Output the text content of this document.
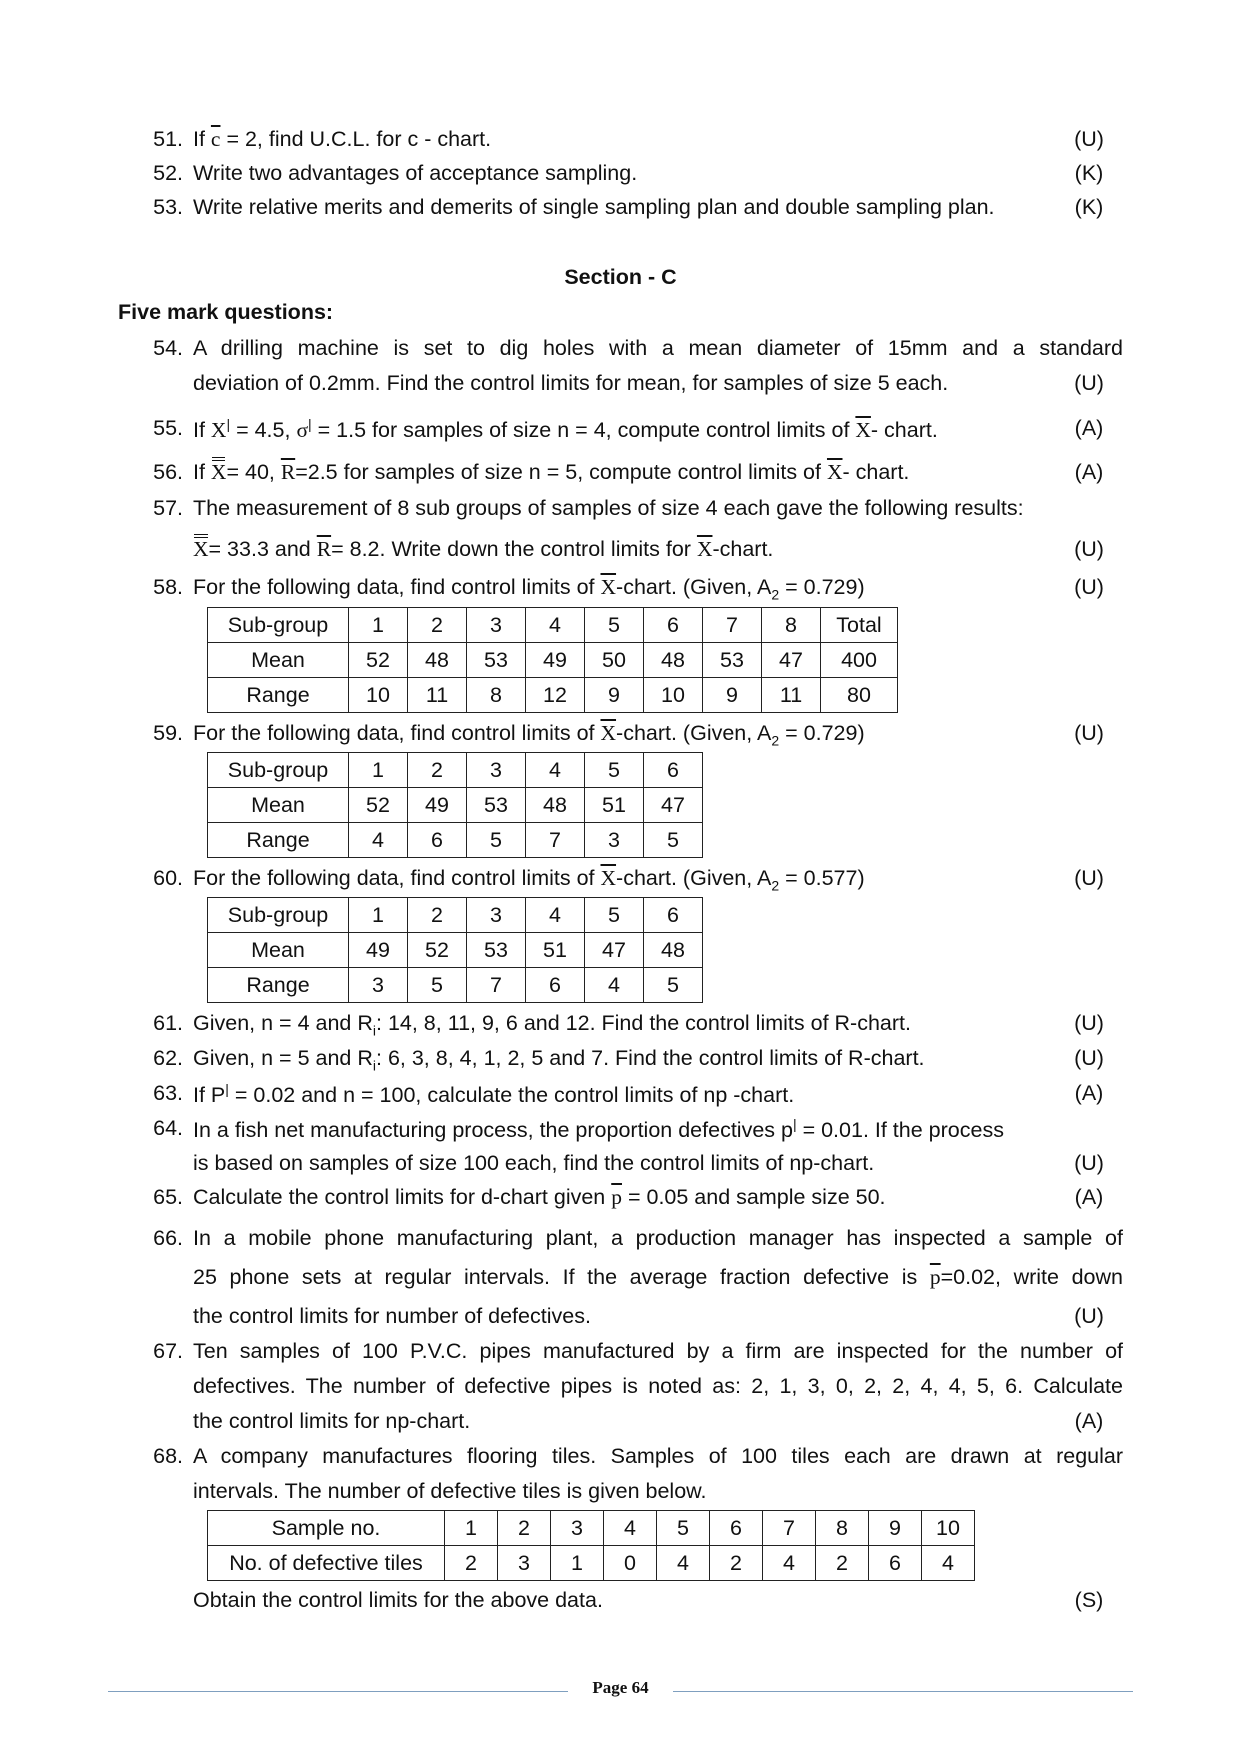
51. If $\overline{c} = 2$, find U.C.L. for c - chart.	(U)
52. Write two advantages of acceptance sampling.	(K)
53. Write relative merits and demerits of single sampling plan and double sampling plan.	(K)
Section - C
Five mark questions:
54. A drilling machine is set to dig holes with a mean diameter of 15mm and a standard
deviation of 0.2mm. Find the control limits for mean, for samples of size 5 each.	(U)
55. If X| = 4.5, σ| = 1.5 for samples of size n = 4, compute control limits of $\overline{X}-$ chart.	(A)
56. If X= 40, $\overline{R}=2.5$ for samples of size n = 5, compute control limits of $\overline{X}-$ chart.	(A)
57. The measurement of 8 sub groups of samples of size 4 each gave the following results:
X= 33.3 and $\overline{R}= 8.2$. Write down the control limits for $\overline{X}$-chart.	(U)
58. For the following data, find control limits of $\overline{X}$-chart. (Given, $A_2 = 0.729$)	(U)
Sub-group	1	2	3	4	5	6	7	8	Total
Mean	52	48	53	49	50	48	53	47	400
Range	10	11	8	12	9	10	9	11	80
59. For the following data, find control limits of $\overline{X}$-chart. (Given, $A_2 = 0.729$)	(U)
Sub-group	1	2	3	4	5	6
Mean	52	49	53	48	51	47
Range	4	6	5	7	3	5
60. For the following data, find control limits of $\overline{X}$-chart. (Given, $A_2 = 0.577$)	(U)
Sub-group	1	2	3	4	5	6
Mean	49	52	53	51	47	48
Range	3	5	7	6	4	5
61. Given, n = 4 and $R_i$: 14, 8, 11, 9, 6 and 12. Find the control limits of R-chart.	(U)
62. Given, n = 5 and $R_i$: 6, 3, 8, 4, 1, 2, 5 and 7. Find the control limits of R-chart.	(U)
63. If P| = 0.02 and n = 100, calculate the control limits of np -chart.	(A)
64. In a fish net manufacturing process, the proportion defectives p| = 0.01. If the process
is based on samples of size 100 each, find the control limits of np-chart.	(U)
65. Calculate the control limits for d-chart given $\overline{p} = 0.05$ and sample size 50.	(A)
66. In a mobile phone manufacturing plant, a production manager has inspected a sample of
25 phone sets at regular intervals. If the average fraction defective is $\overline{p}=0.02$, write down
the control limits for number of defectives.	(U)
67. Ten samples of 100 P.V.C. pipes manufactured by a firm are inspected for the number of
defectives. The number of defective pipes is noted as: 2, 1, 3, 0, 2, 2, 4, 4, 5, 6. Calculate
the control limits for np-chart.	(A)
68. A company manufactures flooring tiles. Samples of 100 tiles each are drawn at regular
intervals. The number of defective tiles is given below.
Sample no.	1	2	3	4	5	6	7	8	9	10
No. of defective tiles	2	3	1	0	4	2	4	2	6	4
Obtain the control limits for the above data.	(S)
Page 64
